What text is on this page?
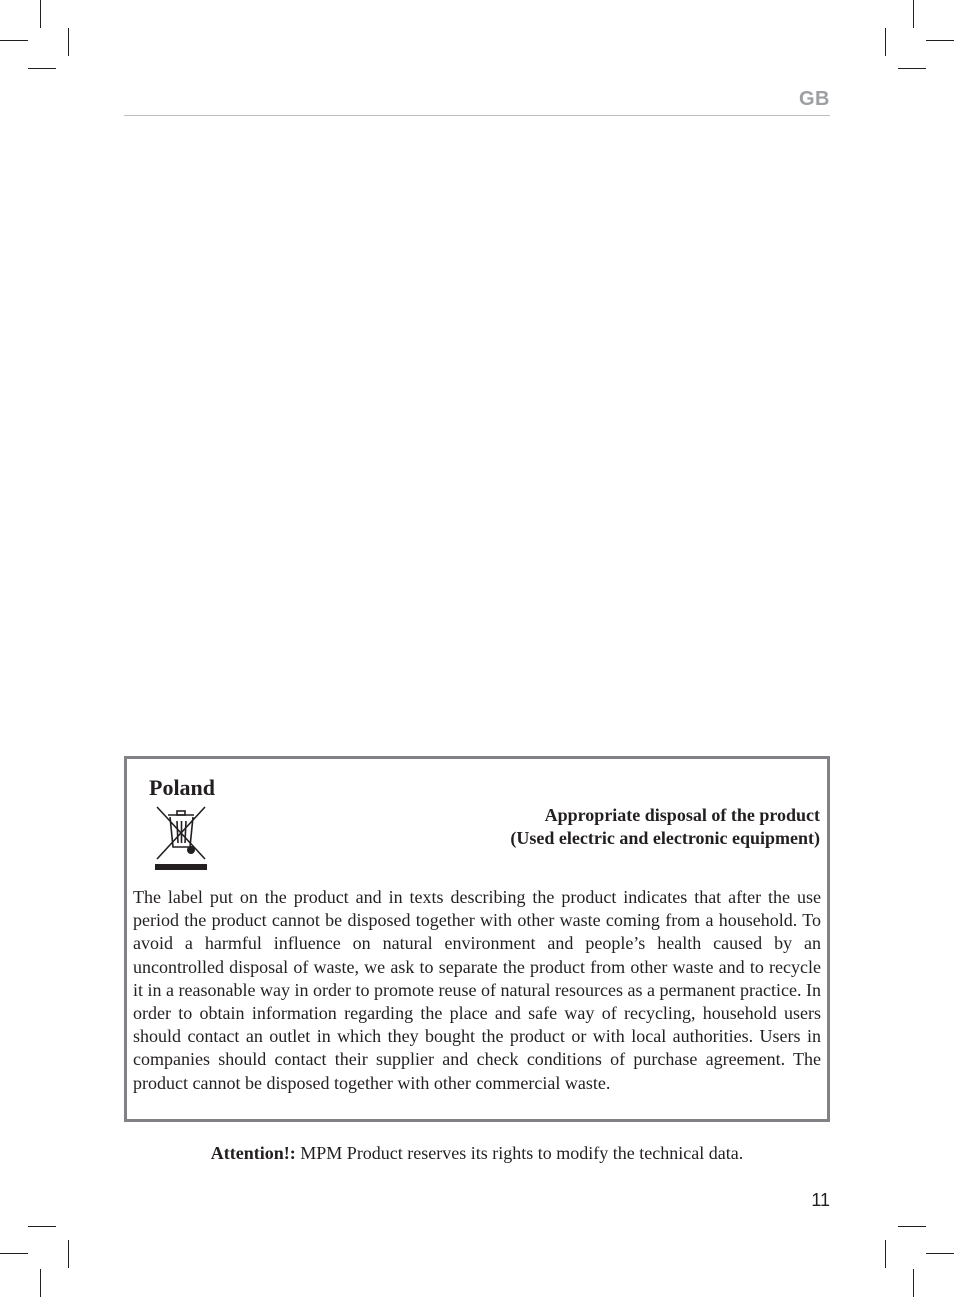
GB
Poland
Appropriate disposal of the product
(Used electric and electronic equipment)
The label put on the product and in texts describing the product indicates that after the use period the product cannot be disposed together with other waste coming from a household. To avoid a harmful influence on natural environment and people’s health caused by an uncontrolled disposal of waste, we ask to separate the product from other waste and to recycle it in a reasonable way in order to promote reuse of natural resources as a permanent practice. In order to obtain information regarding the place and safe way of recycling, household users should contact an outlet in which they bought the product or with local authorities. Users in companies should contact their supplier and check conditions of purchase agreement. The product cannot be disposed together with other commercial waste.
Attention!: MPM Product reserves its rights to modify the technical data.
11
